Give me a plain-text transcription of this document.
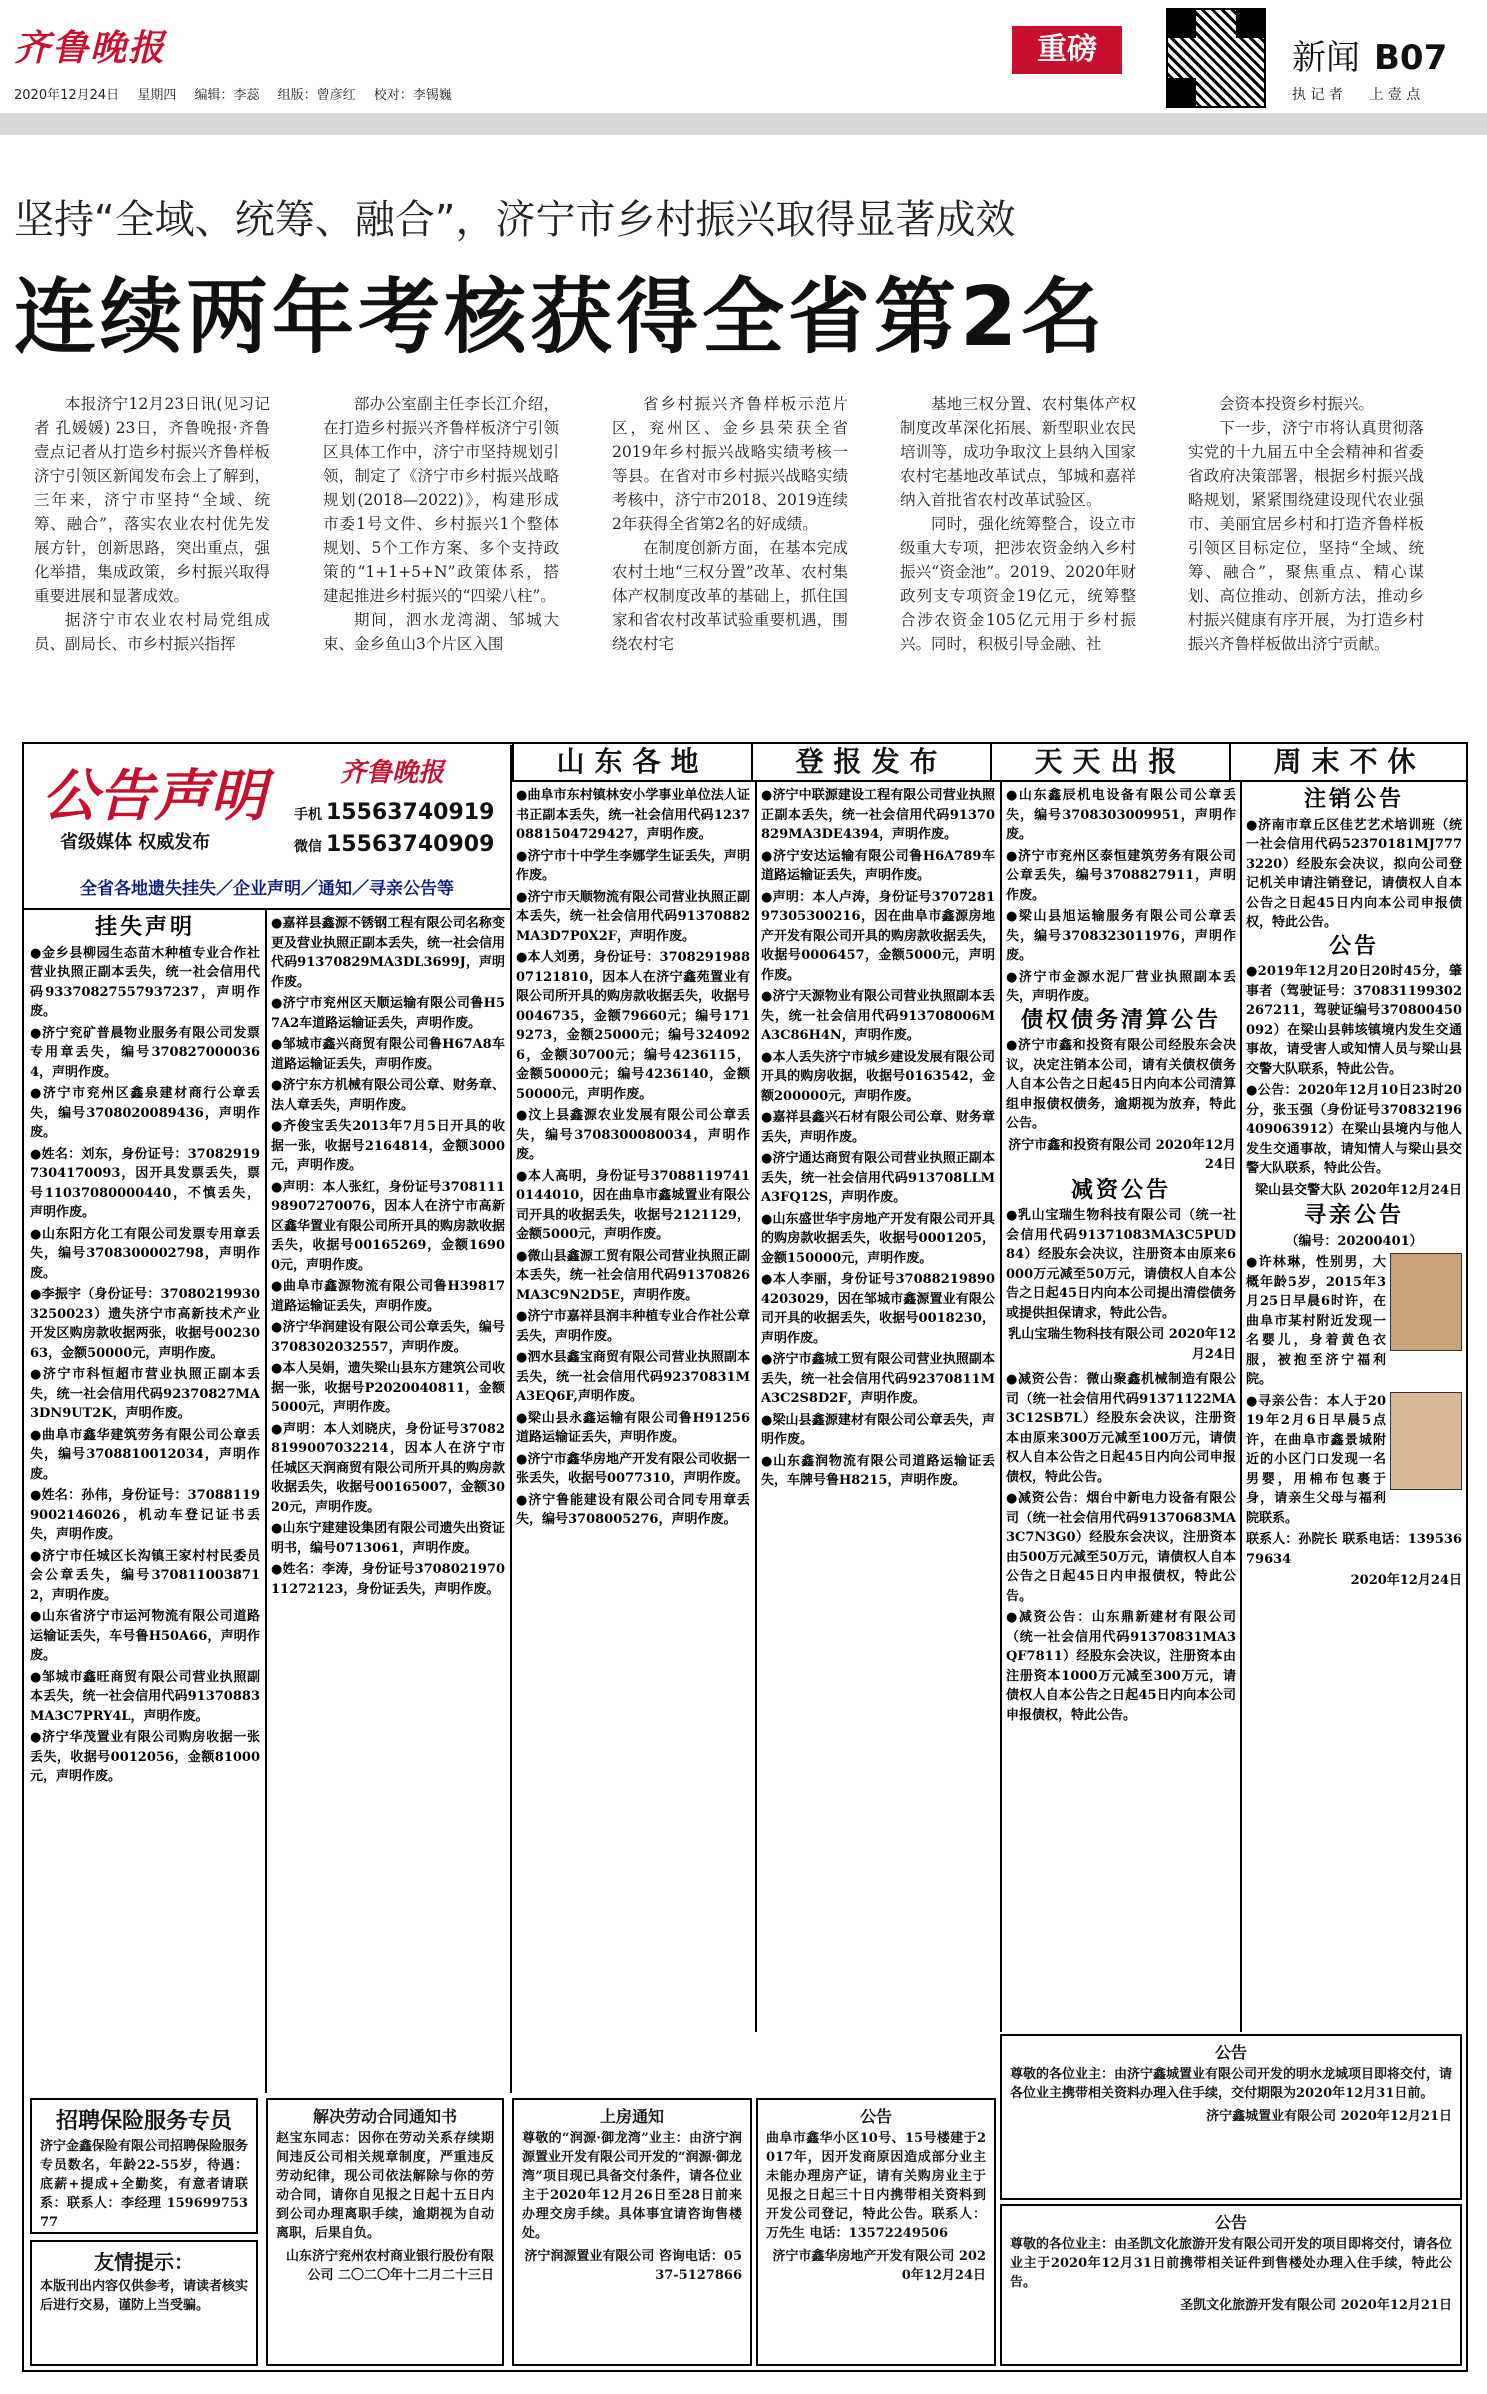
齐鲁晚报
2020年12月24日 星期四 编辑：李蕊 组版：曾彦红 校对：李锡巍
重磅	新闻 B07
执 记 者 上 壹 点
坚持“全域、统筹、融合”，济宁市乡村振兴取得显著成效
连续两年考核获得全省第2名

本报济宁12月23日讯(见习记者 孔媛媛) 23日，齐鲁晚报·齐鲁壹点记者从打造乡村振兴齐鲁样板济宁引领区新闻发布会上了解到，三年来，济宁市坚持“全域、统筹、融合”，落实农业农村优先发展方针，创新思路，突出重点，强化举措，集成政策，乡村振兴取得重要进展和显著成效。

据济宁市农业农村局党组成员、副局长、市乡村振兴指挥

部办公室副主任李长江介绍，在打造乡村振兴齐鲁样板济宁引领区具体工作中，济宁市坚持规划引领，制定了《济宁市乡村振兴战略规划(2018—2022)》，构建形成市委1号文件、乡村振兴1个整体规划、5个工作方案、多个支持政策的“1+1+5+N”政策体系，搭建起推进乡村振兴的“四梁八柱”。

期间，泗水龙湾湖、邹城大束、金乡鱼山3个片区入围

省乡村振兴齐鲁样板示范片区，兖州区、金乡县荣获全省2019年乡村振兴战略实绩考核一等县。在省对市乡村振兴战略实绩考核中，济宁市2018、2019连续2年获得全省第2名的好成绩。

在制度创新方面，在基本完成农村土地“三权分置”改革、农村集体产权制度改革的基础上，抓住国家和省农村改革试验重要机遇，围绕农村宅

基地三权分置、农村集体产权制度改革深化拓展、新型职业农民培训等，成功争取汶上县纳入国家农村宅基地改革试点，邹城和嘉祥纳入首批省农村改革试验区。

同时，强化统筹整合，设立市级重大专项，把涉农资金纳入乡村振兴“资金池”。2019、2020年财政列支专项资金19亿元，统筹整合涉农资金105亿元用于乡村振兴。同时，积极引导金融、社

会资本投资乡村振兴。

下一步，济宁市将认真贯彻落实党的十九届五中全会精神和省委省政府决策部署，根据乡村振兴战略规划，紧紧围绕建设现代农业强市、美丽宜居乡村和打造齐鲁样板引领区目标定位，坚持“全域、统筹、融合”，聚焦重点、精心谋划、高位推动、创新方法，推动乡村振兴健康有序开展，为打造乡村振兴齐鲁样板做出济宁贡献。

山东各地	登报发布	天天出报	周末不休
公告声明	齐鲁晚报
省级媒体 权威发布
手机 15563740919
微信 15563740909
全省各地遗失挂失／企业声明／通知／寻亲公告等
挂失声明

●金乡县柳园生态苗木种植专业合作社营业执照正副本丢失，统一社会信用代码93370827557937237，声明作废。

●济宁兖矿普晨物业服务有限公司发票专用章丢失，编号3708270000364，声明作废。

●济宁市兖州区鑫泉建材商行公章丢失，编号3708020089436，声明作废。

●姓名：刘东，身份证号：370829197304170093，因开具发票丢失，票号11037080000440，不慎丢失，声明作废。

●山东阳方化工有限公司发票专用章丢失，编号3708300002798，声明作废。

●李振宇（身份证号：370802199303250023）遗失济宁市高新技术产业开发区购房款收据两张，收据号0023063，金额50000元，声明作废。

●济宁市科恒超市营业执照正副本丢失，统一社会信用代码92370827MA3DN9UT2K，声明作废。

●曲阜市鑫华建筑劳务有限公司公章丢失，编号3708810012034，声明作废。

●姓名：孙伟，身份证号：370881199002146026，机动车登记证书丢失，声明作废。

●济宁市任城区长沟镇王家村村民委员会公章丢失，编号3708110038712，声明作废。

●山东省济宁市运河物流有限公司道路运输证丢失，车号鲁H50A66，声明作废。

●邹城市鑫旺商贸有限公司营业执照副本丢失，统一社会信用代码91370883MA3C7PRY4L，声明作废。

●济宁华茂置业有限公司购房收据一张丢失，收据号0012056，金额81000元，声明作废。

●嘉祥县鑫源不锈钢工程有限公司名称变更及营业执照正副本丢失，统一社会信用代码91370829MA3DL3699J，声明作废。

●济宁市兖州区天顺运输有限公司鲁H57A2车道路运输证丢失，声明作废。

●邹城市鑫兴商贸有限公司鲁H67A8车道路运输证丢失，声明作废。

●济宁东方机械有限公司公章、财务章、法人章丢失，声明作废。

●齐俊宝丢失2013年7月5日开具的收据一张，收据号2164814，金额3000元，声明作废。

●声明：本人张红，身份证号370811198907270076，因本人在济宁市高新区鑫华置业有限公司所开具的购房款收据丢失，收据号00165269，金额16900元，声明作废。

●曲阜市鑫源物流有限公司鲁H39817道路运输证丢失，声明作废。

●济宁华润建设有限公司公章丢失，编号3708302032557，声明作废。

●本人吴娟，遗失梁山县东方建筑公司收据一张，收据号P2020040811，金额5000元，声明作废。

●声明：本人刘晓庆，身份证号370828199007032214，因本人在济宁市任城区天润商贸有限公司所开具的购房款收据丢失，收据号00165007，金额3020元，声明作废。

●山东宁建建设集团有限公司遗失出资证明书，编号0713061，声明作废。

●姓名：李涛，身份证号370802197011272123，身份证丢失，声明作废。

●曲阜市东村镇林安小学事业单位法人证书正副本丢失，统一社会信用代码12370881504729427，声明作废。

●济宁市十中学生李娜学生证丢失，声明作废。

●济宁市天顺物流有限公司营业执照正副本丢失，统一社会信用代码91370882MA3D7P0X2F，声明作废。

●本人刘勇，身份证号：370829198807121810，因本人在济宁鑫苑置业有限公司所开具的购房款收据丢失，收据号0046735，金额79660元；编号1719273，金额25000元；编号3240926，金额30700元；编号4236115，金额50000元；编号4236140，金额50000元，声明作废。

●汶上县鑫源农业发展有限公司公章丢失，编号3708300080034，声明作废。

●本人高明，身份证号370881197410144010，因在曲阜市鑫城置业有限公司开具的收据丢失，收据号2121129，金额5000元，声明作废。

●微山县鑫源工贸有限公司营业执照正副本丢失，统一社会信用代码91370826MA3C9N2D5E，声明作废。

●济宁市嘉祥县润丰种植专业合作社公章丢失，声明作废。

●泗水县鑫宝商贸有限公司营业执照副本丢失，统一社会信用代码92370831MA3EQ6F,声明作废。

●梁山县永鑫运输有限公司鲁H91256道路运输证丢失，声明作废。

●济宁市鑫华房地产开发有限公司收据一张丢失，收据号0077310，声明作废。

●济宁鲁能建设有限公司合同专用章丢失，编号3708005276，声明作废。

●济宁中联源建设工程有限公司营业执照正副本丢失，统一社会信用代码91370829MA3DE4394，声明作废。

●济宁安达运输有限公司鲁H6A789车道路运输证丢失，声明作废。

●声明：本人卢涛，身份证号370728197305300216，因在曲阜市鑫源房地产开发有限公司开具的购房款收据丢失，收据号0006457，金额5000元，声明作废。

●济宁天源物业有限公司营业执照副本丢失，统一社会信用代码913708006MA3C86H4N，声明作废。

●本人丢失济宁市城乡建设发展有限公司开具的购房收据，收据号0163542，金额200000元，声明作废。

●嘉祥县鑫兴石材有限公司公章、财务章丢失，声明作废。

●济宁通达商贸有限公司营业执照正副本丢失，统一社会信用代码913708LLMA3FQ12S，声明作废。

●山东盛世华宇房地产开发有限公司开具的购房款收据丢失，收据号0001205，金额150000元，声明作废。

●本人李丽，身份证号370882198904203029，因在邹城市鑫源置业有限公司开具的收据丢失，收据号0018230，声明作废。

●济宁市鑫城工贸有限公司营业执照副本丢失，统一社会信用代码92370811MA3C2S8D2F，声明作废。

●梁山县鑫源建材有限公司公章丢失，声明作废。

●山东鑫润物流有限公司道路运输证丢失，车牌号鲁H8215，声明作废。

●山东鑫辰机电设备有限公司公章丢失，编号3708303009951，声明作废。

●济宁市兖州区泰恒建筑劳务有限公司公章丢失，编号3708827911，声明作废。

●梁山县旭运输服务有限公司公章丢失，编号3708323011976，声明作废。

●济宁市金源水泥厂营业执照副本丢失，声明作废。

债权债务清算公告

●济宁市鑫和投资有限公司经股东会决议，决定注销本公司，请有关债权债务人自本公告之日起45日内向本公司清算组申报债权债务，逾期视为放弃，特此公告。

济宁市鑫和投资有限公司 2020年12月24日

减资公告

●乳山宝瑞生物科技有限公司（统一社会信用代码91371083MA3C5PUD84）经股东会决议，注册资本由原来6000万元减至50万元，请债权人自本公告之日起45日内向本公司提出清偿债务或提供担保请求，特此公告。

乳山宝瑞生物科技有限公司 2020年12月24日

●减资公告：微山聚鑫机械制造有限公司（统一社会信用代码91371122MA3C12SB7L）经股东会决议，注册资本由原来300万元减至100万元，请债权人自本公告之日起45日内向公司申报债权，特此公告。

●减资公告：烟台中新电力设备有限公司（统一社会信用代码91370683MA3C7N3G0）经股东会决议，注册资本由500万元减至50万元，请债权人自本公告之日起45日内申报债权，特此公告。

●减资公告：山东鼎新建材有限公司（统一社会信用代码91370831MA3QF7811）经股东会决议，注册资本由注册资本1000万元减至300万元，请债权人自本公告之日起45日内向本公司申报债权，特此公告。

注销公告

●济南市章丘区佳艺艺术培训班（统一社会信用代码52370181MJ7773220）经股东会决议，拟向公司登记机关申请注销登记，请债权人自本公告之日起45日内向本公司申报债权，特此公告。

公告

●2019年12月20日20时45分，肇事者（驾驶证号：370831199302267211，驾驶证编号370800450092）在梁山县韩垓镇境内发生交通事故，请受害人或知情人员与梁山县交警大队联系，特此公告。

●公告：2020年12月10日23时20分，张玉强（身份证号370832196409063912）在梁山县境内与他人发生交通事故，请知情人与梁山县交警大队联系，特此公告。

梁山县交警大队 2020年12月24日

寻亲公告

（编号：20200401）

●许林琳，性别男，大概年龄5岁，2015年3月25日早晨6时许，在曲阜市某村附近发现一名婴儿，身着黄色衣服，被抱至济宁福利院。

●寻亲公告：本人于2019年2月6日早晨5点许，在曲阜市鑫景城附近的小区门口发现一名男婴，用棉布包裹于身，请亲生父母与福利院联系。

联系人：孙院长 联系电话：13953679634

2020年12月24日

招聘保险服务专员
济宁金鑫保险有限公司招聘保险服务专员数名，年龄22-55岁，待遇：底薪+提成+全勤奖，有意者请联系：联系人：李经理 15969975377
友情提示：
本版刊出内容仅供参考，请读者核实后进行交易，谨防上当受骗。
解决劳动合同通知书
赵宝东同志：因你在劳动关系存续期间违反公司相关规章制度，严重违反劳动纪律，现公司依法解除与你的劳动合同，请你自见报之日起十五日内到公司办理离职手续，逾期视为自动离职，后果自负。
山东济宁兖州农村商业银行股份有限公司 二〇二〇年十二月二十三日
上房通知
尊敬的“润源·御龙湾”业主：由济宁润源置业开发有限公司开发的“润源·御龙湾”项目现已具备交付条件，请各位业主于2020年12月26日至28日前来办理交房手续。具体事宜请咨询售楼处。
济宁润源置业有限公司 咨询电话：0537-5127866
公告
曲阜市鑫华小区10号、15号楼建于2017年，因开发商原因造成部分业主未能办理房产证，请有关购房业主于见报之日起三十日内携带相关资料到开发公司登记，特此公告。联系人：万先生 电话：13572249506
济宁市鑫华房地产开发有限公司 2020年12月24日
公告
尊敬的各位业主：由济宁鑫城置业有限公司开发的明水龙城项目即将交付，请各位业主携带相关资料办理入住手续，交付期限为2020年12月31日前。
济宁鑫城置业有限公司 2020年12月21日
公告
尊敬的各位业主：由圣凯文化旅游开发有限公司开发的项目即将交付，请各位业主于2020年12月31日前携带相关证件到售楼处办理入住手续，特此公告。
圣凯文化旅游开发有限公司 2020年12月21日
